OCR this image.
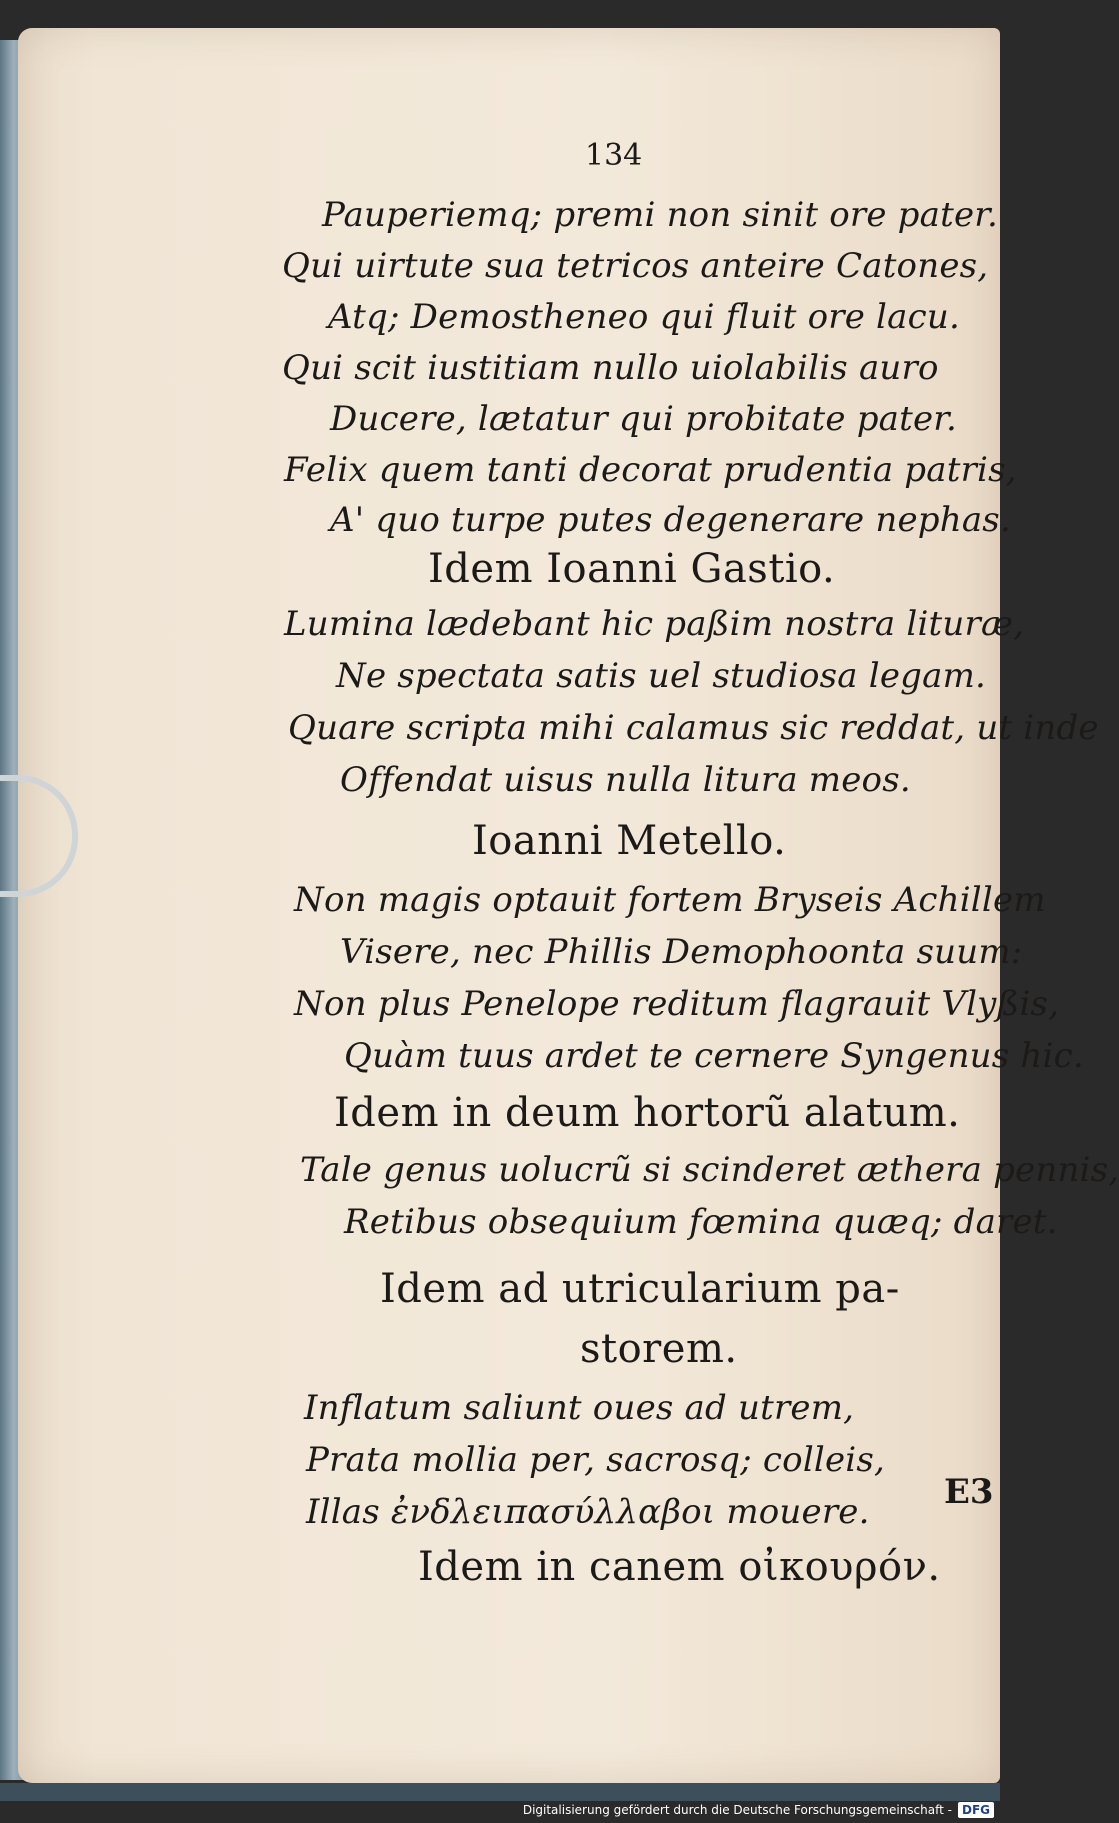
134
Pauperiemq; premi non sinit ore pater.
Qui uirtute sua tetricos anteire Catones,
Atq; Demostheneo qui fluit ore lacu.
Qui scit iustitiam nullo uiolabilis auro
Ducere, lætatur qui probitate pater.
Felix quem tanti decorat prudentia patris,
A' quo turpe putes degenerare nephas.
Idem Ioanni Gastio.
Lumina lædebant hic paßim nostra lituræ,
Ne spectata satis uel studiosa legam.
Quare scripta mihi calamus sic reddat, ut inde
Offendat uisus nulla litura meos.
Ioanni Metello.
Non magis optauit fortem Bryseis Achillem
Visere, nec Phillis Demophoonta suum:
Non plus Penelope reditum flagrauit Vlyßis,
Quàm tuus ardet te cernere Syngenus hic.
Idem in deum hortorũ alatum.
Tale genus uolucrũ si scinderet æthera pennis,
Retibus obsequium fœmina quæq; daret.
Idem ad utricularium pa-
storem.
Inflatum saliunt oues ad utrem,
Prata mollia per, sacrosq; colleis,
Illas ἐνδλειπασύλλαβοι mouere.
Idem in canem οἰκουρόν.
E3
Digitalisierung gefördert durch die Deutsche Forschungsgemeinschaft - DFG
